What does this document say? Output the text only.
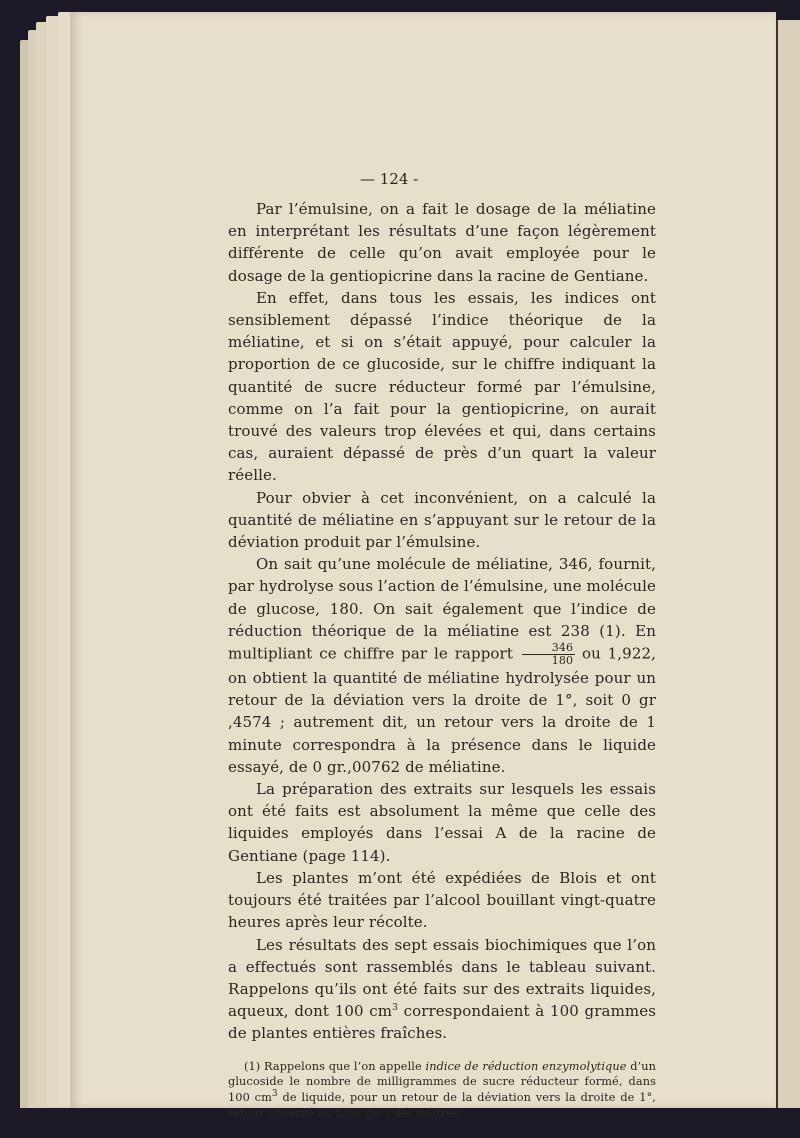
— 124 -

Par l’émulsine, on a fait le dosage de la méliatine en interprétant les résultats d’une façon légèrement différente de celle qu’on avait employée pour le dosage de la gentiopicrine dans la racine de Gentiane.

En effet, dans tous les essais, les indices ont sensiblement dépassé l’indice théorique de la méliatine, et si on s’était appuyé, pour calculer la proportion de ce glucoside, sur le chiffre indiquant la quantité de sucre réducteur formé par l’émulsine, comme on l’a fait pour la gentiopicrine, on aurait trouvé des valeurs trop élevées et qui, dans certains cas, auraient dépassé de près d’un quart la valeur réelle.

Pour obvier à cet inconvénient, on a calculé la quantité de méliatine en s’appuyant sur le retour de la déviation produit par l’émulsine.

On sait qu’une molécule de méliatine, 346, fournit, par hydrolyse sous l’action de l’émulsine, une molécule de glucose, 180. On sait également que l’indice de réduction théorique de la méliatine est 238 (1). En multipliant ce chiffre par le rapport $\frac{346}{180}$ ou 1,922, on obtient la quantité de méliatine hydrolysée pour un retour de la déviation vers la droite de 1°, soit 0 gr ,4574 ; autrement dit, un retour vers la droite de 1 minute correspondra à la présence dans le liquide essayé, de 0 gr.,00762 de méliatine.

La préparation des extraits sur lesquels les essais ont été faits est absolument la même que celle des liquides employés dans l’essai A de la racine de Gentiane (page 114).

Les plantes m’ont été expédiées de Blois et ont toujours été traitées par l’alcool bouillant vingt-quatre heures après leur récolte.

Les résultats des sept essais biochimiques que l’on a effectués sont rassemblés dans le tableau suivant. Rappelons qu’ils ont été faits sur des extraits liquides, aqueux, dont 100 $cm^3$ correspondaient à 100 grammes de plantes entières fraîches.

(1) Rappelons que l’on appelle indice de réduction enzymolytique d’un glucoside le nombre de milligrammes de sucre réducteur formé, dans 100 $cm^3$ de liquide, pour un retour de la déviation vers la droite de 1°, retour observé au tube de 2 décimètres.
